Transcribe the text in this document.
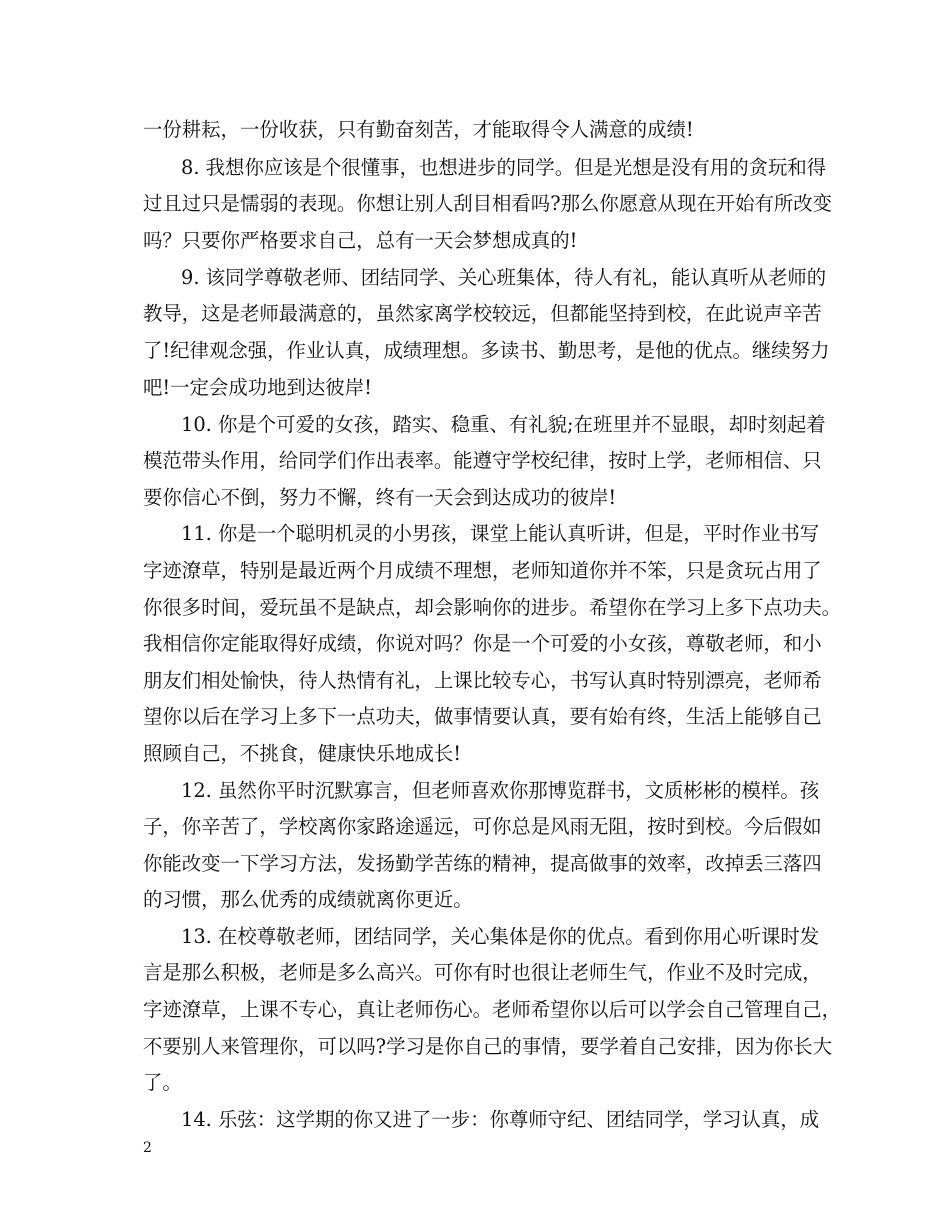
一份耕耘，一份收获，只有勤奋刻苦，才能取得令人满意的成绩!
8. 我想你应该是个很懂事，也想进步的同学。但是光想是没有用的贪玩和得
过且过只是懦弱的表现。你想让别人刮目相看吗?那么你愿意从现在开始有所改变
吗？只要你严格要求自己，总有一天会梦想成真的!
9. 该同学尊敬老师、团结同学、关心班集体，待人有礼，能认真听从老师的
教导，这是老师最满意的，虽然家离学校较远，但都能坚持到校，在此说声辛苦
了!纪律观念强，作业认真，成绩理想。多读书、勤思考，是他的优点。继续努力
吧!一定会成功地到达彼岸!
10. 你是个可爱的女孩，踏实、稳重、有礼貌;在班里并不显眼，却时刻起着
模范带头作用，给同学们作出表率。能遵守学校纪律，按时上学，老师相信、只
要你信心不倒，努力不懈，终有一天会到达成功的彼岸!
11. 你是一个聪明机灵的小男孩，课堂上能认真听讲，但是，平时作业书写
字迹潦草，特别是最近两个月成绩不理想，老师知道你并不笨，只是贪玩占用了
你很多时间，爱玩虽不是缺点，却会影响你的进步。希望你在学习上多下点功夫。
我相信你定能取得好成绩，你说对吗？你是一个可爱的小女孩，尊敬老师，和小
朋友们相处愉快，待人热情有礼，上课比较专心，书写认真时特别漂亮，老师希
望你以后在学习上多下一点功夫，做事情要认真，要有始有终，生活上能够自己
照顾自己，不挑食，健康快乐地成长!
12. 虽然你平时沉默寡言，但老师喜欢你那博览群书，文质彬彬的模样。孩
子，你辛苦了，学校离你家路途遥远，可你总是风雨无阻，按时到校。今后假如
你能改变一下学习方法，发扬勤学苦练的精神，提高做事的效率，改掉丢三落四
的习惯，那么优秀的成绩就离你更近。
13. 在校尊敬老师，团结同学，关心集体是你的优点。看到你用心听课时发
言是那么积极，老师是多么高兴。可你有时也很让老师生气，作业不及时完成，
字迹潦草，上课不专心，真让老师伤心。老师希望你以后可以学会自己管理自己，
不要别人来管理你，可以吗?学习是你自己的事情，要学着自己安排，因为你长大
了。
14. 乐弦：这学期的你又进了一步：你尊师守纪、团结同学，学习认真，成
2
